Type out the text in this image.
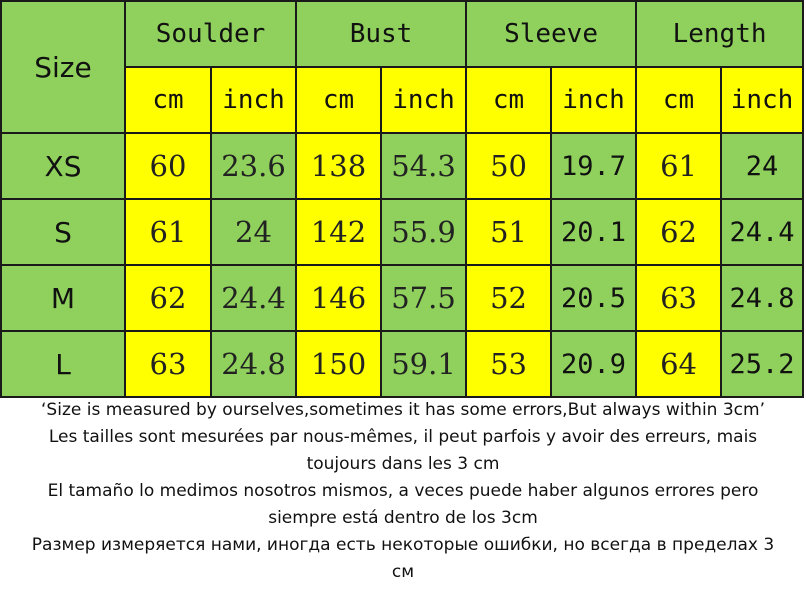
Size	Soulder		Bust		Sleeve		Length	
	cm	inch	cm	inch	cm	inch	cm	inch
XS	60	23.6	138	54.3	50	19.7	61	24
S	61	24	142	55.9	51	20.1	62	24.4
M	62	24.4	146	57.5	52	20.5	63	24.8
L	63	24.8	150	59.1	53	20.9	64	25.2
‘Size is measured by ourselves,sometimes it has some errors,But always within 3cm’
Les tailles sont mesurées par nous-mêmes, il peut parfois y avoir des erreurs, mais
toujours dans les 3 cm
El tamaño lo medimos nosotros mismos, a veces puede haber algunos errores pero
siempre está dentro de los 3cm
Размер измеряется нами, иногда есть некоторые ошибки, но всегда в пределах 3
см
